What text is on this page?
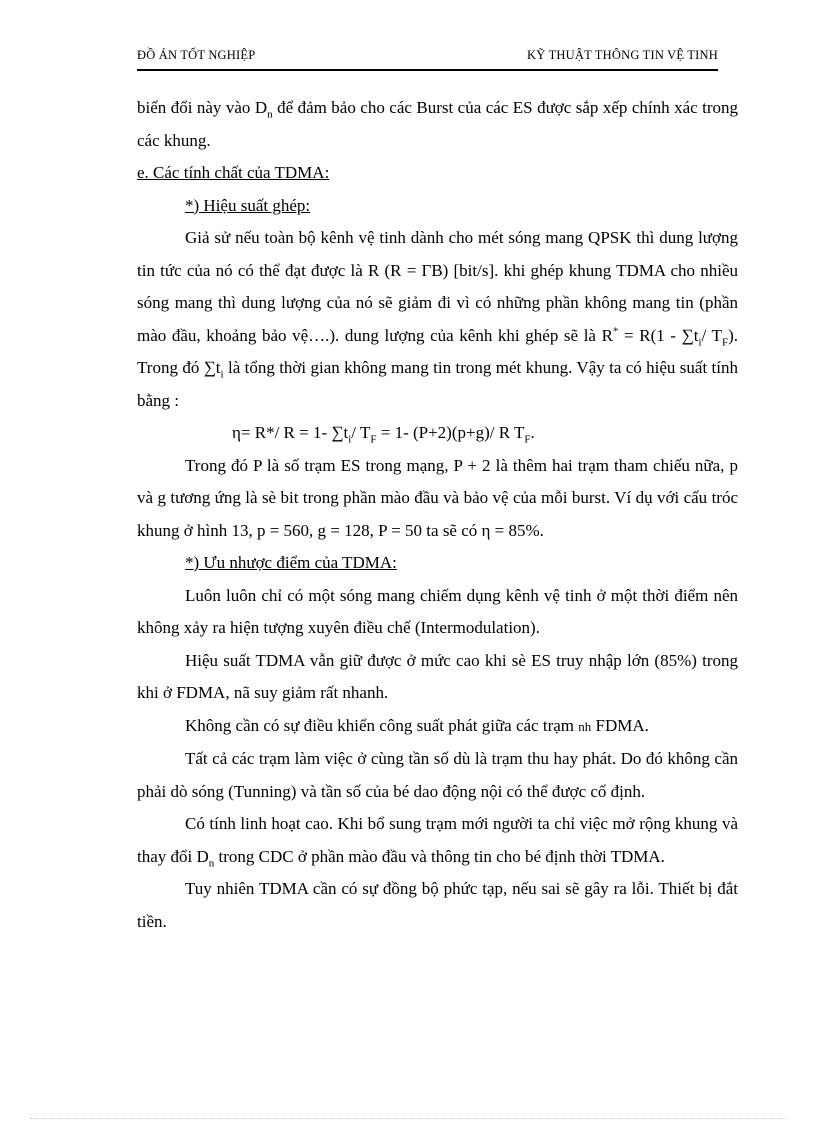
ĐỒ ÁN TỐT NGHIỆP	KỸ THUẬT THÔNG TIN VỆ TINH

biến đổi này vào $D_n$ để đảm bảo cho các Burst của các ES được sắp xếp chính xác trong các khung.

e. Các tính chất của TDMA:

*) Hiệu suất ghép:

Giả sử nếu toàn bộ kênh vệ tinh dành cho mét sóng mang QPSK thì dung lượng tin tức của nó có thể đạt được là R (R = ΓB) [bit/s]. khi ghép khung TDMA cho nhiều sóng mang thì dung lượng của nó sẽ giảm đi vì có những phần không mang tin (phần mào đầu, khoảng bảo vệ….). dung lượng của kênh khi ghép sẽ là $R^* = R(1 - \sum t_i/$ $T_F$). Trong đó $\sum t_i$ là tổng thời gian không mang tin trong mét khung. Vậy ta có hiệu suất tính bằng :

η= R*/ R = 1- $\sum t_i/$ $T_F = 1-$ (P+2)(p+g)/ R $T_F$.

Trong đó P là số trạm ES trong mạng, P + 2 là thêm hai trạm tham chiếu nữa, p và g tương ứng là sè bit trong phần mào đầu và bảo vệ của mỗi burst. Ví dụ với cấu tróc khung ở hình 13, p = 560, g = 128, P = 50 ta sẽ có η = 85%.

*) Ưu nhược điểm của TDMA:

Luôn luôn chỉ có một sóng mang chiếm dụng kênh vệ tinh ở một thời điểm nên không xảy ra hiện tượng xuyên điều chế (Intermodulation).

Hiệu suất TDMA vẫn giữ được ở mức cao khi sè ES truy nhập lớn (85%) trong khi ở FDMA, nã suy giảm rất nhanh.

Không cần có sự điều khiển công suất phát giữa các trạm nh FDMA.

Tất cả các trạm làm việc ở cùng tần số dù là trạm thu hay phát. Do đó không cần phải dò sóng (Tunning) và tần số của bé dao động nội có thể được cố định.

Có tính linh hoạt cao. Khi bổ sung trạm mới người ta chỉ việc mở rộng khung và thay đổi $D_n$ trong CDC ở phần mào đầu và thông tin cho bé định thời TDMA.

Tuy nhiên TDMA cần có sự đồng bộ phức tạp, nếu sai sẽ gây ra lỗi. Thiết bị đắt tiền.
